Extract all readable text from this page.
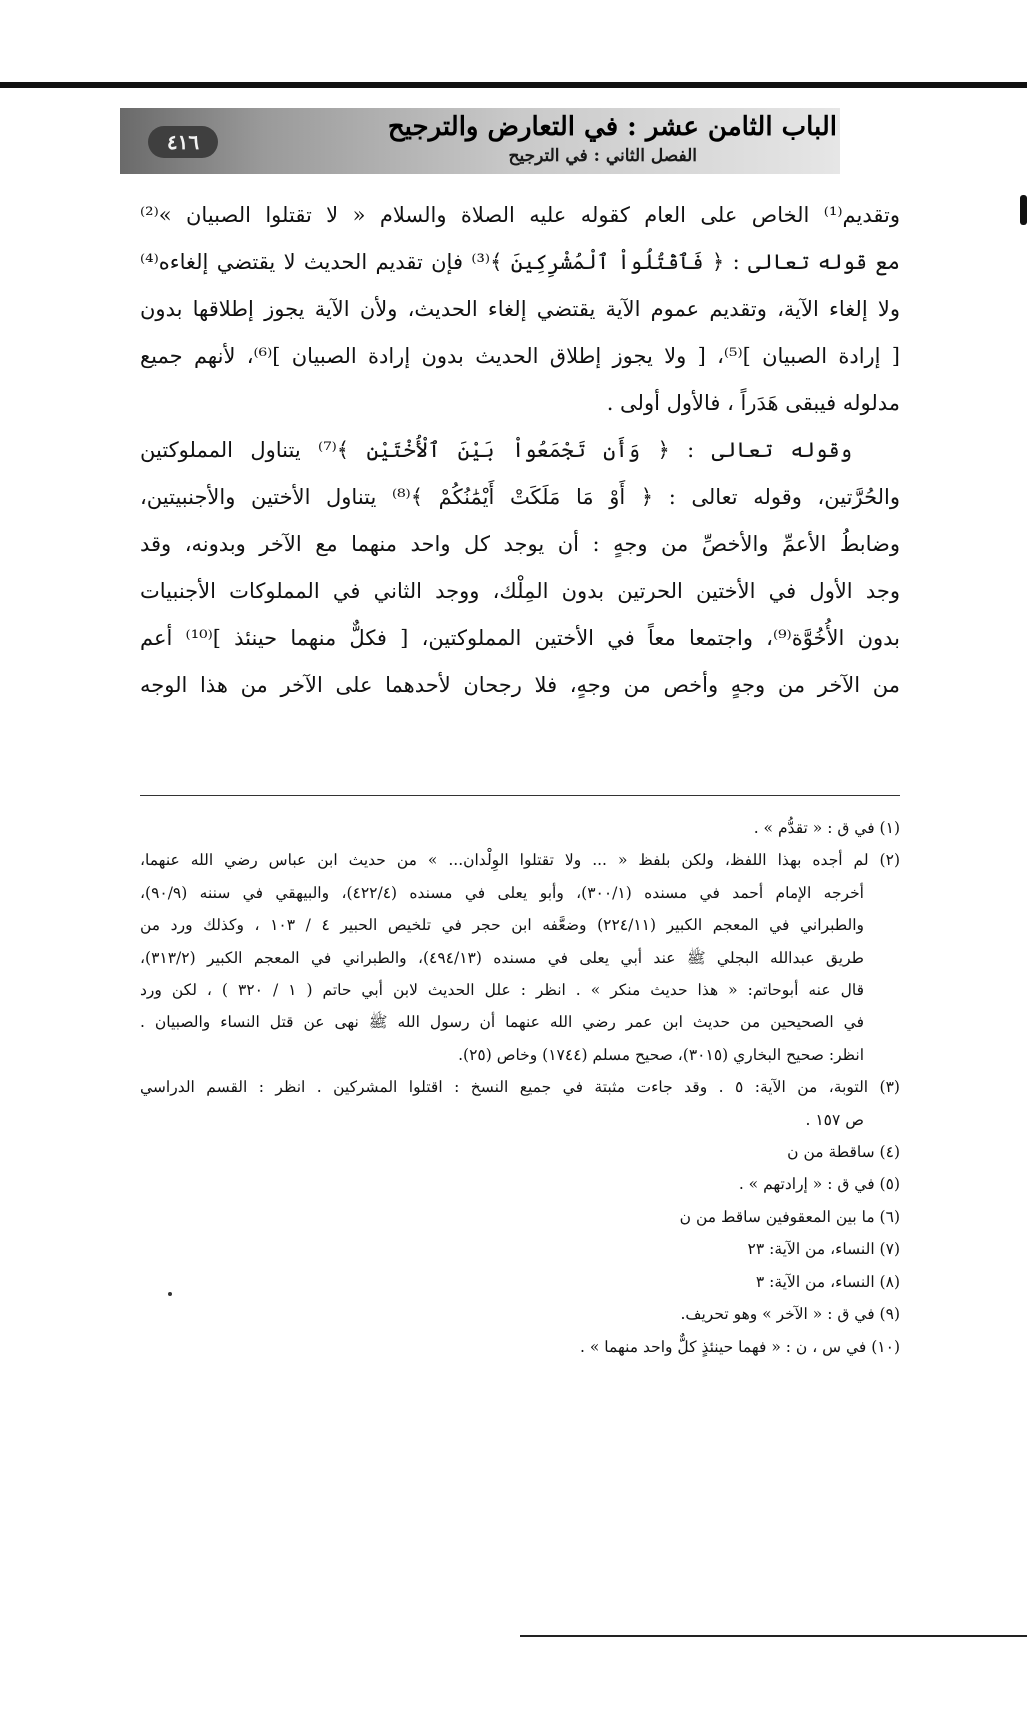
٤١٦	الباب الثامن عشر : في التعارض والترجيح
الفصل الثاني : في الترجيح

وتقديم⁽¹⁾ الخاص على العام كقوله عليه الصلاة والسلام « لا تقتلوا الصبيان »⁽²⁾

مع قوله تعالى : ﴿ فَٱقْتُلُواْ ٱلْمُشْرِكِينَ ﴾⁽³⁾ فإن تقديم الحديث لا يقتضي إلغاءه⁽⁴⁾

ولا إلغاء الآية، وتقديم عموم الآية يقتضي إلغاء الحديث، ولأن الآية يجوز إطلاقها بدون

[ إرادة الصبيان ]⁽⁵⁾، [ ولا يجوز إطلاق الحديث بدون إرادة الصبيان ]⁽⁶⁾، لأنهم جميع

مدلوله فيبقى هَدَراً ، فالأول أولى .

وقوله تعالى : ﴿ وَأَن تَجْمَعُواْ بَيْنَ ٱلْأُخْتَيْنِ ﴾⁽⁷⁾ يتناول المملوكتين

والحُرَّتين، وقوله تعالى : ﴿ أَوْ مَا مَلَكَتْ أَيْمَٰنُكُمْ ﴾⁽⁸⁾ يتناول الأختين والأجنبيتين،

وضابطُ الأعمِّ والأخصِّ من وجهٍ : أن يوجد كل واحد منهما مع الآخر وبدونه، وقد

وجد الأول في الأختين الحرتين بدون المِلْك، ووجد الثاني في المملوكات الأجنبيات

بدون الأُخُوَّة⁽⁹⁾، واجتمعا معاً في الأختين المملوكتين، [ فكلٌّ منهما حينئذ ]⁽¹⁰⁾ أعم

من الآخر من وجهٍ وأخص من وجهٍ، فلا رجحان لأحدهما على الآخر من هذا الوجه

(١) في ق : « تقدُّم » .

(٢) لم أجده بهذا اللفظ، ولكن بلفظ « ... ولا تقتلوا الوِلْدان... » من حديث ابن عباس رضي الله عنهما،

أخرجه الإمام أحمد في مسنده (٣٠٠/١)، وأبو يعلى في مسنده (٤٢٢/٤)، والبيهقي في سننه (٩٠/٩)،

والطبراني في المعجم الكبير (٢٢٤/١١) وضعَّفه ابن حجر في تلخيص الحبير ٤ / ١٠٣ ، وكذلك ورد من

طريق عبدالله البجلي ﷺ عند أبي يعلى في مسنده (٤٩٤/١٣)، والطبراني في المعجم الكبير (٣١٣/٢)،

قال عنه أبوحاتم: « هذا حديث منكر » . انظر : علل الحديث لابن أبي حاتم ( ١ / ٣٢٠ ) ، لكن ورد

في الصحيحين من حديث ابن عمر رضي الله عنهما أن رسول الله ﷺ نهى عن قتل النساء والصبيان .

انظر: صحيح البخاري (٣٠١٥)، صحيح مسلم (١٧٤٤) وخاص (٢٥).

(٣) التوبة، من الآية: ٥ . وقد جاءت مثبتة في جميع النسخ : اقتلوا المشركين . انظر : القسم الدراسي

ص ١٥٧ .

(٤) ساقطة من ن

(٥) في ق : « إرادتهم » .

(٦) ما بين المعقوفين ساقط من ن

(٧) النساء، من الآية: ٢٣

(٨) النساء، من الآية: ٣

(٩) في ق : « الآخر » وهو تحريف.

(١٠) في س ، ن : « فهما حينئذٍ كلٌّ واحد منهما » .
